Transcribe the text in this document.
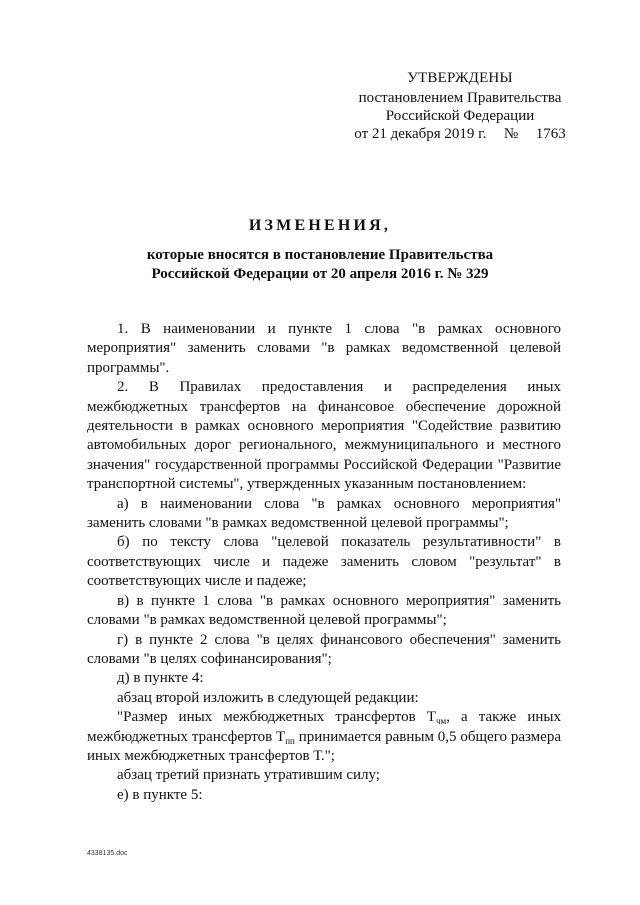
УТВЕРЖДЕНЫ
постановлением Правительства
Российской Федерации
от 21 декабря 2019 г. № 1763
ИЗМЕНЕНИЯ,
которые вносятся в постановление Правительства
Российской Федерации от 20 апреля 2016 г. № 329

1. В наименовании и пункте 1 слова "в рамках основного мероприятия" заменить словами "в рамках ведомственной целевой программы".

2. В Правилах предоставления и распределения иных межбюджетных трансфертов на финансовое обеспечение дорожной деятельности в рамках основного мероприятия "Содействие развитию автомобильных дорог регионального, межмуниципального и местного значения" государственной программы Российской Федерации "Развитие транспортной системы", утвержденных указанным постановлением:

а) в наименовании слова "в рамках основного мероприятия" заменить словами "в рамках ведомственной целевой программы";

б) по тексту слова "целевой показатель результативности" в соответствующих числе и падеже заменить словом "результат" в соответствующих числе и падеже;

в) в пункте 1 слова "в рамках основного мероприятия" заменить словами "в рамках ведомственной целевой программы";

г) в пункте 2 слова "в целях финансового обеспечения" заменить словами "в целях софинансирования";

д) в пункте 4:

абзац второй изложить в следующей редакции:

"Размер иных межбюджетных трансфертов $Т_{чм}$, а также иных межбюджетных трансфертов $Т_{пп}$ принимается равным 0,5 общего размера иных межбюджетных трансфертов Т.";

абзац третий признать утратившим силу;

е) в пункте 5:

4338135.doc
